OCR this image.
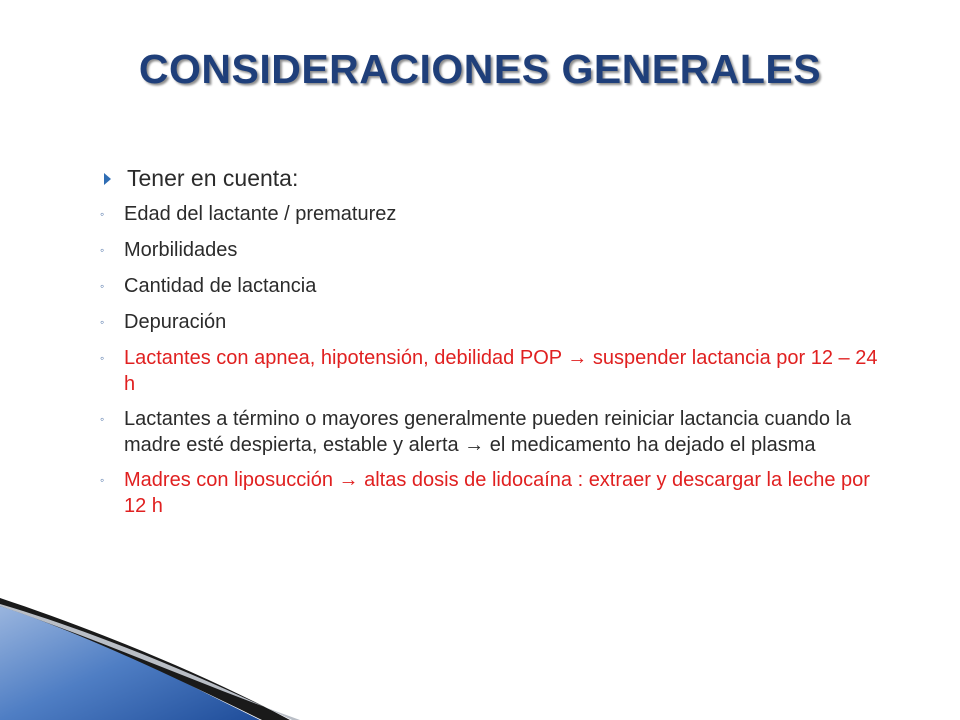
CONSIDERACIONES GENERALES
Tener en cuenta:
◦ Edad del lactante / prematurez
◦ Morbilidades
◦ Cantidad de lactancia
◦ Depuración
◦ Lactantes con apnea, hipotensión, debilidad POP → suspender lactancia por 12 – 24 h
◦ Lactantes a término o mayores generalmente pueden reiniciar lactancia cuando la madre esté despierta, estable y alerta → el medicamento ha dejado el plasma
◦ Madres con liposucción → altas dosis de lidocaína : extraer y descargar la leche por 12 h
